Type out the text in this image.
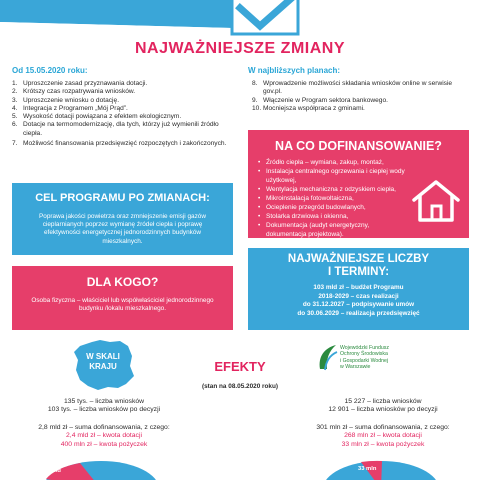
NAJWAŻNIEJSZE ZMIANY
Od 15.05.2020 roku:
1. Uproszczenie zasad przyznawania dotacji.
2. Krótszy czas rozpatrywania wniosków.
3. Uproszczenie wniosku o dotację.
4. Integracja z Programem „Mój Prąd”.
5. Wysokość dotacji powiązana z efektem ekologicznym.
6. Dotacje na termomodernizację, dla tych, którzy już wymienili źródło ciepła.
7. Możliwość finansowania przedsięwzięć rozpoczętych i zakończonych.
W najbliższych planach:
8. Wprowadzenie możliwości składania wniosków online w serwisie gov.pl.
9. Włączenie w Program sektora bankowego.
10. Mocniejsza współpraca z gminami.
NA CO DOFINANSOWANIE?
• Źródło ciepła – wymiana, zakup, montaż,
• Instalacja centralnego ogrzewania i ciepłej wody użytkowej,
• Wentylacja mechaniczna z odzyskiem ciepła,
• Mikroinstalacja fotowoltaiczna,
• Ocieplenie przegród budowlanych,
• Stolarka drzwiowa i okienna,
• Dokumentacja (audyt energetyczny, dokumentacja projektowa).
CEL PROGRAMU PO ZMIANACH:
Poprawa jakości powietrza oraz zmniejszenie emisji gazów cieplarnianych poprzez wymianę źródeł ciepła i poprawę efektywności energetycznej jednorodzinnych budynków mieszkalnych.
NAJWAŻNIEJSZE LICZBY
I TERMINY:
103 mld zł – budżet Programu
2018-2029 – czas realizacji
do 31.12.2027 – podpisywanie umów
do 30.06.2029 – realizacja przedsięwzięć
DLA KOGO?
Osoba fizyczna – właściciel lub współwłaściciel jednorodzinnego budynku /lokalu mieszkalnego.
W SKALI
KRAJU	EFEKTY
(stan na 08.05.2020 roku)
Wojewódzki Fundusz
Ochrony Środowiska
i Gospodarki Wodnej
w Warszawie
135 tys. – liczba wniosków
103 tys. – liczba wniosków po decyzji
2,8 mld zł – suma dofinansowania, z czego:
2,4 mld zł – kwota dotacji
400 mln zł – kwota pożyczek
15 227 – liczba wniosków
12 901 – liczba wniosków po decyzji
301 mln zł – suma dofinansowania, z czego:
268 mln zł – kwota dotacji
33 mln zł – kwota pożyczek
0,4 mld	33 mln
